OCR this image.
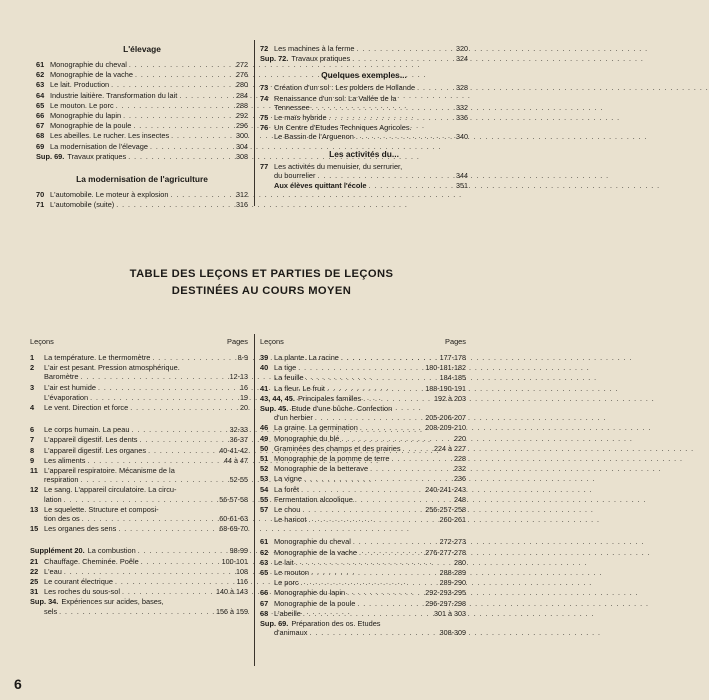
L'élevage

61 Monographie du cheval . . .	272
62 Monographie de la vache . . .	276
63 Le lait. Production . . .	280
64 Industrie laitière. Transformation du lait . . .	284
65 Le mouton. Le porc . . .	288
66 Monographie du lapin . . .	292
67 Monographie de la poule . . .	296
68 Les abeilles. Le rucher. Les insectes . . .	300
69 La modernisation de l'élevage . . .	304
Sup. 69. Travaux pratiques . . .	308

La modernisation de l'agriculture

70 L'automobile. Le moteur à explosion . . .	312
71 L'automobile (suite) . . .	316
72 Les machines à la ferme . . .	320
Sup. 72. Travaux pratiques . . .	324

Quelques exemples...

73 Création d'un sol : Les polders de Hollande . . .	328
74 Renaissance d'un sol. La Vallée de la
Tennessee . . .	332
75 Le maïs hybride . . .	336
76 Un Centre d'Etudes Techniques Agricoles.
Le Bassin de l'Arguenon . . .	340

Les activités du...

77 Les activités du menuisier, du serrurier,
du bourrelier . . .	344
Aux élèves quittant l'école . . .	351
TABLE DES LEÇONS ET PARTIES DE LEÇONS
DESTINÉES AU COURS MOYEN
Leçons	Pages
1	La température. Le thermomètre . . .	8-9
2	L'air est pesant. Pression atmosphérique.
Baromètre . . .	12-13
3	L'air est humide . . .	16
L'évaporation . . .	19
4	Le vent. Direction et force . . .	20
6	Le corps humain. La peau . . .	32-33
7	L'appareil digestif. Les dents . . .	36-37
8	L'appareil digestif. Les organes . . .	40-41-42
9	Les aliments . . .	44 à 47
11 L'appareil respiratoire. Mécanisme de la
respiration . . .	52-55
12 Le sang. L'appareil circulatoire. La circu-
lation . . .	56-57-58
13 Le squelette. Structure et composi-
tion des os . . .	60-61-63
15 Les organes des sens . . .	68-69-70
Supplément 20. La combustion . . .	98-99
21 Chauffage. Cheminée. Poêle . . .	100-101
22 L'eau . . .	108
25 Le courant électrique . . .	116
31 Les roches du sous-sol . . .	140 à 143
Sup. 34. Expériences sur acides, bases,
sels . . .	156 à 159
Leçons	Pages
39 La plante. La racine . . .	177-178
40 La tige . . .	180-181-182
La feuille . . .	184-185
41 La fleur. Le fruit . . .	188-190-191
43, 44, 45. Principales familles . . .	192 à 203
Sup. 45. Etude d'une bûche. Confection
d'un herbier . . .	205-206-207
46 La graine. La germination . . .	208-209-210
49 Monographie du blé . . .	220
50 Graminées des champs et des prairies . . .	224 à 227
51 Monographie de la pomme de terre . . .	228
52 Monographie de la betterave . . .	232
53 La vigne . . .	236
54 La forêt . . .	240-241-243
55 Fermentation alcoolique . . .	248
57 Le chou . . .	256-257-258
Le haricot . . .	260-261
61 Monographie du cheval . . .	272-273
62 Monographie de la vache . . .	276-277-278
63 Le lait . . .	280
65 Le mouton . . .	288-289
Le porc . . .	289-290
66 Monographie du lapin . . .	292-293-295
67 Monographie de la poule . . .	296-297-298
68 L'abeille . . .	301 à 303
Sup. 69. Préparation des os. Etudes
d'animaux . . .	308-309
6
